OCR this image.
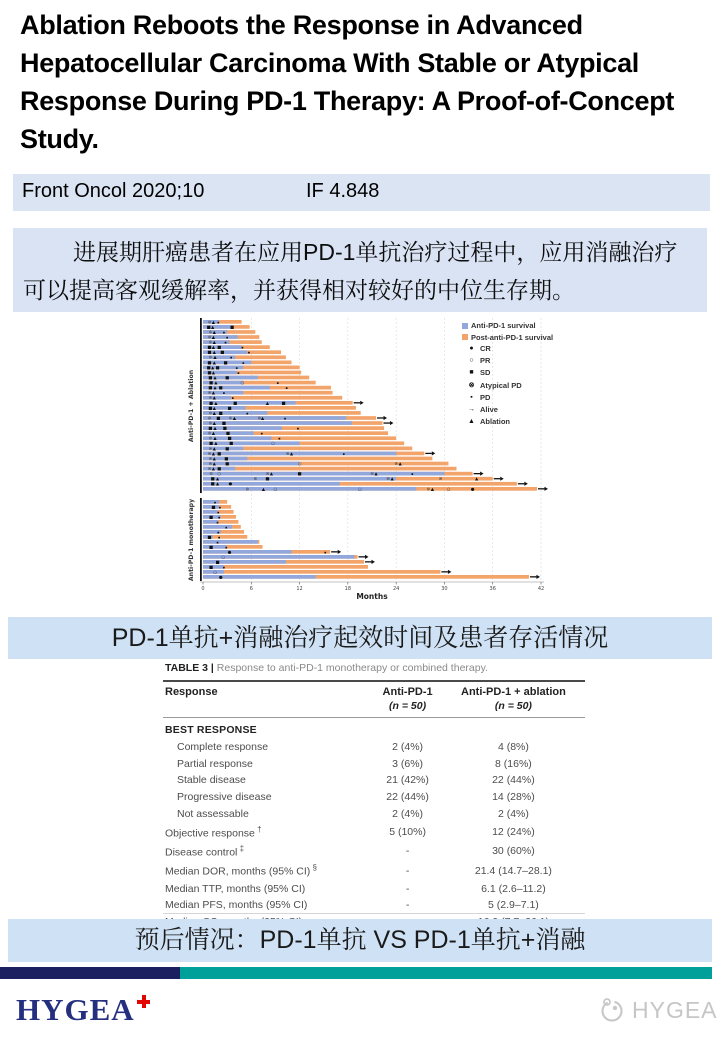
Ablation Reboots the Response in Advanced
Hepatocellular Carcinoma With Stable or Atypical
Response During PD-1 Therapy: A Proof-of-Concept
Study.
Front Oncol 2020;10	IF 4.848
进展期肝癌患者在应用PD-1单抗治疗过程中，应用消融治疗
可以提高客观缓解率，并获得相对较好的中位生存期。
Anti-PD-1 + Ablation
⊗ ▲ ▪
■ ▲	■
⊗ ▲ ▪
⊗ ▲	▪
⊗ ▲ ▪
■ ▲ ■	▪
■ ▲ ■	▪
⊗ ▲	▪
■ ▲ ■	▪
■ ▲ ■	▪
■ ▲	▪
■ ▲ ■
■ ▲	○	▪
■ ▲ ■	▪
⊗ ▲ ▪
⊗ ▲	▪
■ ▲	■	▲	■
■ ▲	■
⊗ ▲ ■	▪
⊗ ■ ⊗ ▲	⊗ ▲	▪
⊗ ▲ ■
■ ▲ ■	▪
⊗ ▲	■	▪
⊗ ▲	■	▪
■ ▲	■	○
⊗ ▲ ■
⊗ ▲ ■	⊗ ▲	▪
⊗ ▲ ■
⊗ ▲ ■	○	⊗ ▲
⊗ ▲ ■
⊗ ○	⊗ ▲	■	⊗ ▲	▪
■ ▲	⊗ ■	⊗ ▲	⊗	▲
■ ▲ ●
⊗	▲ ○	○	⊗ ▲	○	●
Anti-PD-1 monotherapy	▪
■ ▪
▪
■ ▪
▪
▪
▪
■ ▪
▪
■	▪
●	▪
○
■
■	▪
○
●
0	6	12	18	24	30	36	42
Months
Anti-PD-1 survival
Post-anti-PD-1 survival
● CR
○ PR
■ SD
⊗ Atypical PD
▪ PD
→ Alive
▲ Ablation
PD-1单抗+消融治疗起效时间及患者存活情况
TABLE 3 | Response to anti-PD-1 monotherapy or combined therapy.
Response	Anti-PD-1
(n = 50)

Anti-PD-1 + ablation
(n = 50)

BEST RESPONSE		
Complete response	2 (4%)	4 (8%)
Partial response	3 (6%)	8 (16%)
Stable disease	21 (42%)	22 (44%)
Progressive disease	22 (44%)	14 (28%)
Not assessable	2 (4%)	2 (4%)
Objective response †	5 (10%)	12 (24%)
Disease control ‡	-	30 (60%)
Median DOR, months (95% CI) §	-	21.4 (14.7–28.1)
Median TTP, months (95% CI)	-	6.1 (2.6–11.2)
Median PFS, months (95% CI)	-	5 (2.9–7.1)

预后情况：PD-1单抗 VS PD-1单抗+消融
HYGEA	HYGEA
